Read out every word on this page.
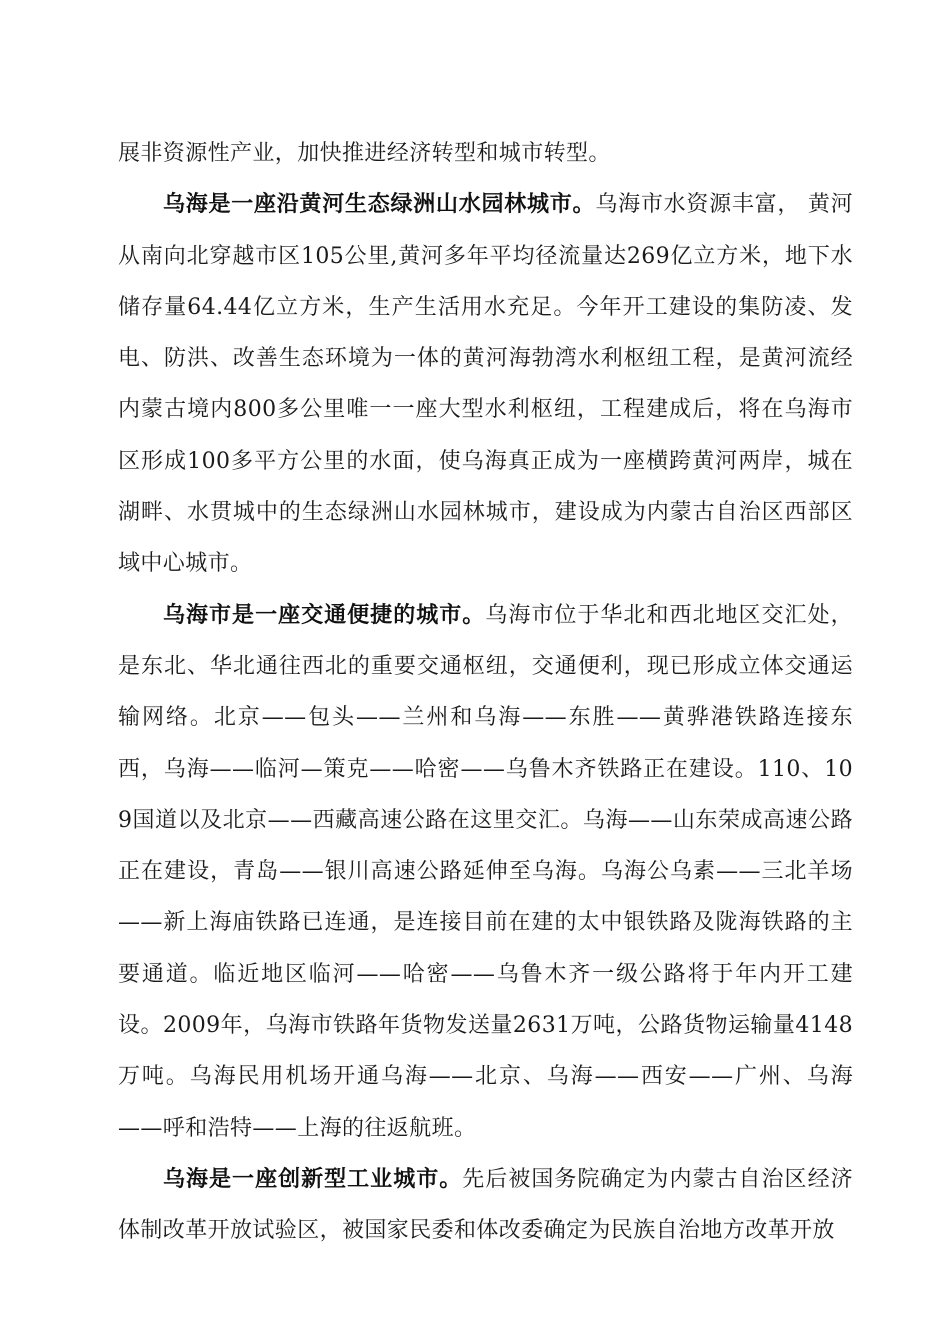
展非资源性产业，加快推进经济转型和城市转型。

乌海是一座沿黄河生态绿洲山水园林城市。乌海市水资源丰富， 黄河从南向北穿越市区105公里,黄河多年平均径流量达269亿立方米，地下水储存量64.44亿立方米，生产生活用水充足。今年开工建设的集防凌、发电、防洪、改善生态环境为一体的黄河海勃湾水利枢纽工程，是黄河流经内蒙古境内800多公里唯一一座大型水利枢纽，工程建成后，将在乌海市区形成100多平方公里的水面，使乌海真正成为一座横跨黄河两岸，城在湖畔、水贯城中的生态绿洲山水园林城市，建设成为内蒙古自治区西部区域中心城市。

乌海市是一座交通便捷的城市。乌海市位于华北和西北地区交汇处，是东北、华北通往西北的重要交通枢纽，交通便利，现已形成立体交通运输网络。北京——包头——兰州和乌海——东胜——黄骅港铁路连接东西，乌海——临河—策克——哈密——乌鲁木齐铁路正在建设。110、109国道以及北京——西藏高速公路在这里交汇。乌海——山东荣成高速公路正在建设，青岛——银川高速公路延伸至乌海。乌海公乌素——三北羊场——新上海庙铁路已连通，是连接目前在建的太中银铁路及陇海铁路的主要通道。临近地区临河——哈密——乌鲁木齐一级公路将于年内开工建设。2009年，乌海市铁路年货物发送量2631万吨，公路货物运输量4148万吨。乌海民用机场开通乌海——北京、乌海——西安——广州、乌海——呼和浩特——上海的往返航班。

乌海是一座创新型工业城市。先后被国务院确定为内蒙古自治区经济体制改革开放试验区，被国家民委和体改委确定为民族自治地方改革开放
